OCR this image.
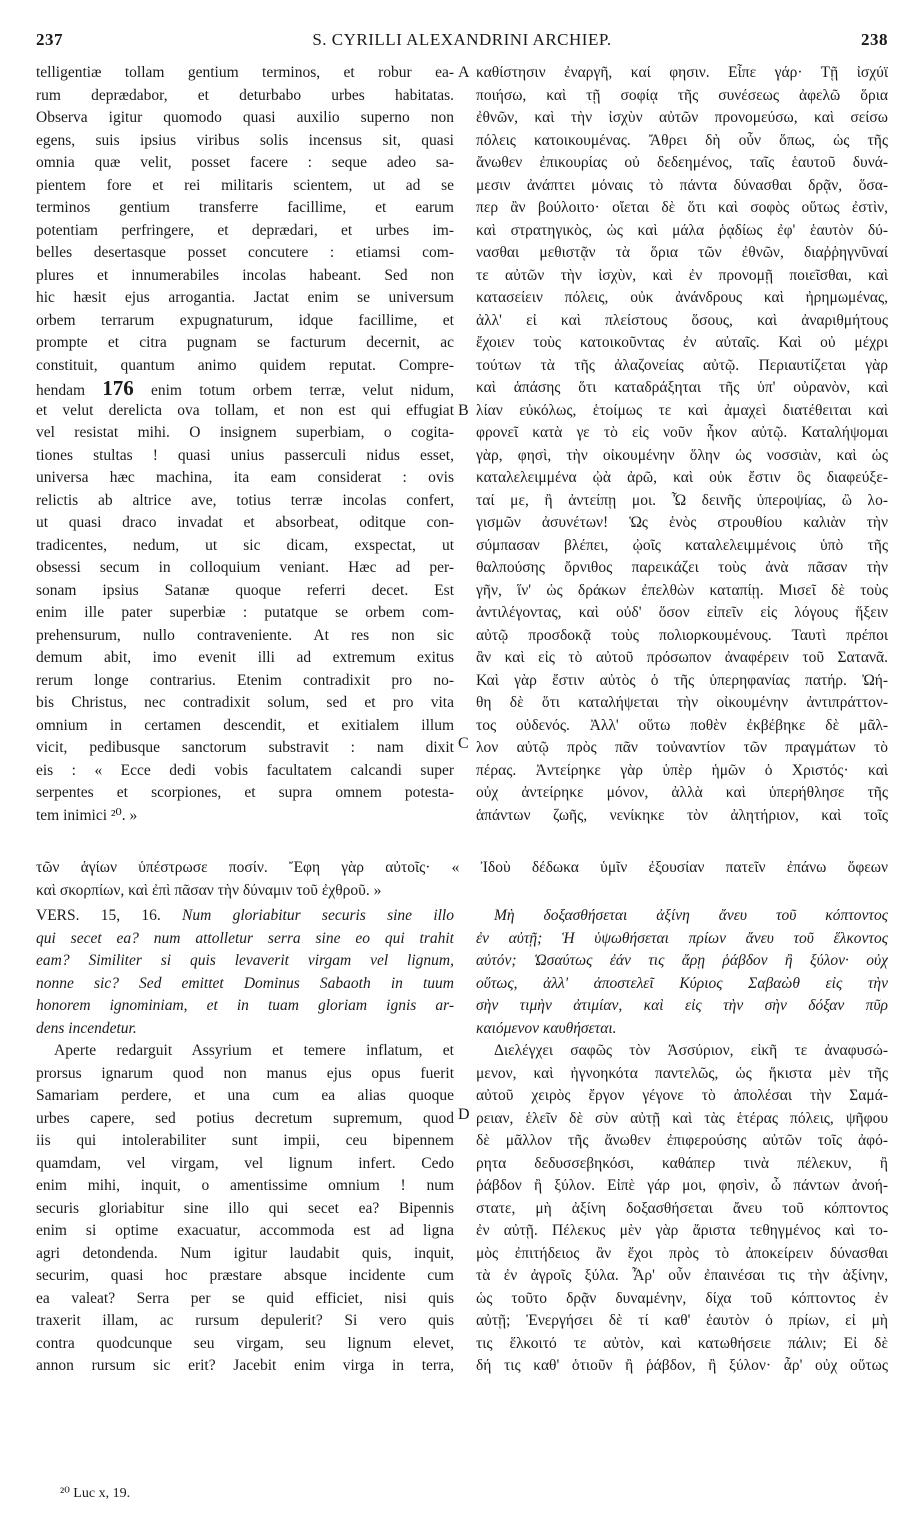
237	S. CYRILLI ALEXANDRINI ARCHIEP.	238
telligentiæ tollam gentium terminos, et robur ea-
rum deprædabor, et deturbabo urbes habitatas.
Observa igitur quomodo quasi auxilio superno non
egens, suis ipsius viribus solis incensus sit, quasi
omnia quæ velit, posset facere : seque adeo sa-
pientem fore et rei militaris scientem, ut ad se
terminos gentium transferre facillime, et earum
potentiam perfringere, et deprædari, et urbes im-
belles desertasque posset concutere : etiamsi com-
plures et innumerabiles incolas habeant. Sed non
hic hæsit ejus arrogantia. Jactat enim se universum
orbem terrarum expugnaturum, idque facillime, et
prompte et citra pugnam se facturum decernit, ac
constituit, quantum animo quidem reputat. Compre-
hendam 176 enim totum orbem terræ, velut nidum,
et velut derelicta ova tollam, et non est qui effugiat
vel resistat mihi. O insignem superbiam, o cogita-
tiones stultas ! quasi unius passerculi nidus esset,
universa hæc machina, ita eam considerat : ovis
relictis ab altrice ave, totius terræ incolas confert,
ut quasi draco invadat et absorbeat, oditque con-
tradicentes, nedum, ut sic dicam, exspectat, ut
obsessi secum in colloquium veniant. Hæc ad per-
sonam ipsius Satanæ quoque referri decet. Est
enim ille pater superbiæ : putatque se orbem com-
prehensurum, nullo contraveniente. At res non sic
demum abit, imo evenit illi ad extremum exitus
rerum longe contrarius. Etenim contradixit pro no-
bis Christus, nec contradixit solum, sed et pro vita
omnium in certamen descendit, et exitialem illum
vicit, pedibusque sanctorum substravit : nam dixit
eis : « Ecce dedi vobis facultatem calcandi super
serpentes et scorpiones, et supra omnem potesta-
tem inimici ²⁰. »
καθίστησιν ἐναργῆ, καί φησιν. Εἶπε γάρ· Τῇ ἰσχύϊ
ποιήσω, καὶ τῇ σοφίᾳ τῆς συνέσεως ἀφελῶ ὅρια
ἐθνῶν, καὶ τὴν ἰσχὺν αὐτῶν προνομεύσω, καὶ σείσω
πόλεις κατοικουμένας. Ἄθρει δὴ οὖν ὅπως, ὡς τῆς
ἄνωθεν ἐπικουρίας οὐ δεδεημένος, ταῖς ἑαυτοῦ δυνά-
μεσιν ἀνάπτει μόναις τὸ πάντα δύνασθαι δρᾷν, ὅσα-
περ ἂν βούλοιτο· οἴεται δὲ ὅτι καὶ σοφὸς οὕτως ἐστὶν,
καὶ στρατηγικὸς, ὡς καὶ μάλα ῥᾳδίως ἐφ' ἑαυτὸν δύ-
νασθαι μεθιστᾷν τὰ ὅρια τῶν ἐθνῶν, διαῤῥηγνῦναί
τε αὐτῶν τὴν ἰσχὺν, καὶ ἐν προνομῇ ποιεῖσθαι, καὶ
κατασείειν πόλεις, οὐκ ἀνάνδρους καὶ ἠρημωμένας,
ἀλλ' εἰ καὶ πλείστους ὅσους, καὶ ἀναριθμήτους
ἔχοιεν τοὺς κατοικοῦντας ἐν αὐταῖς. Καὶ οὐ μέχρι
τούτων τὰ τῆς ἀλαζονείας αὐτῷ. Περιαυτίζεται γὰρ
καὶ ἁπάσης ὅτι καταδράξηται τῆς ὑπ' οὐρανὸν, καὶ
λίαν εὐκόλως, ἑτοίμως τε καὶ ἀμαχεὶ διατέθειται καὶ
φρονεῖ κατὰ γε τὸ εἰς νοῦν ἧκον αὐτῷ. Καταλήψομαι
γὰρ, φησὶ, τὴν οἰκουμένην ὅλην ὡς νοσσιὰν, καὶ ὡς
καταλελειμμένα ᾠὰ ἀρῶ, καὶ οὐκ ἔστιν ὃς διαφεύξε-
ταί με, ἢ ἀντείπῃ μοι. Ὦ δεινῆς ὑπεροψίας, ὢ λο-
γισμῶν ἀσυνέτων! Ὡς ἑνὸς στρουθίου καλιὰν τὴν
σύμπασαν βλέπει, ᾠοῖς καταλελειμμένοις ὑπὸ τῆς
θαλπούσης ὄρνιθος παρεικάζει τοὺς ἀνὰ πᾶσαν τὴν
γῆν, ἵν' ὡς δράκων ἐπελθὼν καταπίῃ. Μισεῖ δὲ τοὺς
ἀντιλέγοντας, καὶ οὐδ' ὅσον εἰπεῖν εἰς λόγους ἥξειν
αὐτῷ προσδοκᾷ τοὺς πολιορκουμένους. Ταυτὶ πρέποι
ἂν καὶ εἰς τὸ αὐτοῦ πρόσωπον ἀναφέρειν τοῦ Σατανᾶ.
Καὶ γὰρ ἔστιν αὐτὸς ὁ τῆς ὑπερηφανίας πατήρ. Ὠή-
θη δὲ ὅτι καταλήψεται τὴν οἰκουμένην ἀντιπράττον-
τος οὐδενός. Ἀλλ' οὕτω ποθὲν ἐκβέβηκε δὲ μᾶλ-
λον αὐτῷ πρὸς πᾶν τοὐναντίον τῶν πραγμάτων τὸ
πέρας. Ἀντείρηκε γὰρ ὑπὲρ ἡμῶν ὁ Χριστός· καὶ
οὐχ ἀντείρηκε μόνον, ἀλλὰ καὶ ὑπερήθλησε τῆς
ἁπάντων ζωῆς, νενίκηκε τὸν ἀλητήριον, καὶ τοῖς
τῶν ἁγίων ὑπέστρωσε ποσίν. Ἔφη γὰρ αὐτοῖς· « Ἰδοὺ δέδωκα ὑμῖν ἐξουσίαν πατεῖν ἐπάνω ὄφεων
καὶ σκορπίων, καὶ ἐπὶ πᾶσαν τὴν δύναμιν τοῦ ἐχθροῦ. »
VERS. 15, 16. Num gloriabitur securis sine illo
qui secet ea? num attolletur serra sine eo qui trahit
eam? Similiter si quis levaverit virgam vel lignum,
nonne sic? Sed emittet Dominus Sabaoth in tuum
honorem ignominiam, et in tuam gloriam ignis ar-
dens incendetur.
Aperte redarguit Assyrium et temere inflatum, et
prorsus ignarum quod non manus ejus opus fuerit
Samariam perdere, et una cum ea alias quoque
urbes capere, sed potius decretum supremum, quod
iis qui intolerabiliter sunt impii, ceu bipennem
quamdam, vel virgam, vel lignum infert. Cedo
enim mihi, inquit, o amentissime omnium ! num
securis gloriabitur sine illo qui secet ea? Bipennis
enim si optime exacuatur, accommoda est ad ligna
agri detondenda. Num igitur laudabit quis, inquit,
securim, quasi hoc præstare absque incidente cum
ea valeat? Serra per se quid efficiet, nisi quis
traxerit illam, ac rursum depulerit? Si vero quis
contra quodcunque seu virgam, seu lignum elevet,
annon rursum sic erit? Jacebit enim virga in terra,
Μὴ δοξασθήσεται ἀξίνη ἄνευ τοῦ κόπτοντος
ἐν αὐτῇ; Ἡ ὑψωθήσεται πρίων ἄνευ τοῦ ἕλκοντος
αὐτόν; Ὡσαύτως ἐάν τις ἄρῃ ῥάβδον ἢ ξύλον· οὐχ
οὕτως, ἀλλ' ἀποστελεῖ Κύριος Σαβαὼθ εἰς τὴν
σὴν τιμὴν ἀτιμίαν, καὶ εἰς τὴν σὴν δόξαν πῦρ
καιόμενον καυθήσεται.
Διελέγχει σαφῶς τὸν Ἀσσύριον, εἰκῆ τε ἀναφυσώ-
μενον, καὶ ἠγνοηκότα παντελῶς, ὡς ἥκιστα μὲν τῆς
αὐτοῦ χειρὸς ἔργον γέγονε τὸ ἀπολέσαι τὴν Σαμά-
ρειαν, ἑλεῖν δὲ σὺν αὐτῇ καὶ τὰς ἑτέρας πόλεις, ψῆφου
δὲ μᾶλλον τῆς ἄνωθεν ἐπιφερούσης αὐτῶν τοῖς ἀφό-
ρητα δεδυσσεβηκόσι, καθάπερ τινὰ πέλεκυν, ἢ
ῥάβδον ἢ ξύλον. Εἰπὲ γάρ μοι, φησὶν, ὦ πάντων ἀνοή-
στατε, μὴ ἀξίνη δοξασθήσεται ἄνευ τοῦ κόπτοντος
ἐν αὐτῇ. Πέλεκυς μὲν γὰρ ἄριστα τεθηγμένος καὶ το-
μὸς ἐπιτήδειος ἂν ἔχοι πρὸς τὸ ἀποκείρειν δύνασθαι
τὰ ἐν ἀγροῖς ξύλα. Ἆρ' οὖν ἐπαινέσαι τις τὴν ἀξίνην,
ὡς τοῦτο δρᾷν δυναμένην, δίχα τοῦ κόπτοντος ἐν
αὐτῇ; Ἐνεργήσει δὲ τί καθ' ἑαυτὸν ὁ πρίων, εἰ μὴ
τις ἕλκοιτό τε αὐτὸν, καὶ κατωθήσειε πάλιν; Εἰ δὲ
δή τις καθ' ὁτιοῦν ἢ ῥάβδον, ἢ ξύλον· ἆρ' οὐχ οὕτως
A
B
C
D
²⁰ Luc x, 19.
